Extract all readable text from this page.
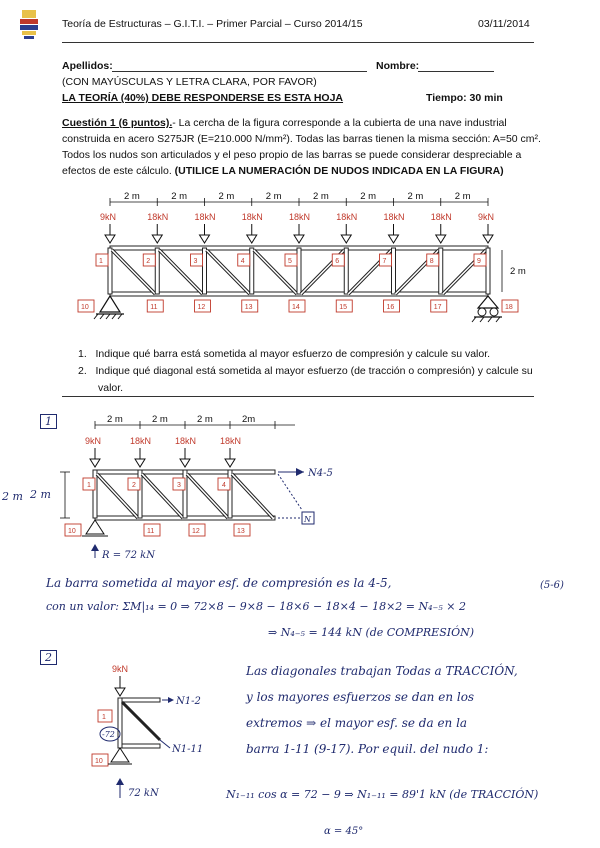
Teoría de Estructuras – G.I.T.I. – Primer Parcial – Curso 2014/15	03/11/2014
Apellidos:	Nombre:
(CON MAYÚSCULAS Y LETRA CLARA, POR FAVOR)
LA TEORÍA (40%) DEBE RESPONDERSE ES ESTA HOJA	Tiempo: 30 min
Cuestión 1 (6 puntos).- La cercha de la figura corresponde a la cubierta de una nave industrial
construida en acero S275JR (E=210.000 N/mm²). Todas las barras tienen la misma sección: A=50 cm².
Todos los nudos son articulados y el peso propio de las barras se puede considerar despreciable a
efectos de este cálculo. (UTILICE LA NUMERACIÓN DE NUDOS INDICADA EN LA FIGURA)
2 m	2 m	2 m	2 m	2 m	2 m	2 m	2 m
9kN	18kN	18kN	18kN	18kN	18kN	18kN	18kN	9kN
1
10
2
11
3
12
4
13
5
14
6
15
7
16
8
17
9
18
2 m
1.   Indique qué barra está sometida al mayor esfuerzo de compresión y calcule su valor.
2.   Indique qué diagonal está sometida al mayor esfuerzo (de tracción o compresión) y calcule su
valor.
1	2 m	2 m	2 m	2m
9kN	18kN	18kN	18kN
1
10
2
11
3
12
4
13
N4-5
N
R = 72 kN
2 m 2 m
(5-6)
La barra sometida al mayor esf. de compresión es la 4-5,
con un valor: ΣM|₁₄ = 0 ⇒ 72×8 − 9×8 − 18×6 − 18×4 − 18×2 = N₄₋₅ × 2
⇒ N₄₋₅ = 144 kN (de COMPRESIÓN)
2
9kN
N1-2
N1-11
1
-72
10
72 kN
Las diagonales trabajan Todas a TRACCIÓN,
y los mayores esfuerzos se dan en los
extremos ⇒ el mayor esf. se da en la
barra 1-11 (9-17). Por equil. del nudo 1:
N₁₋₁₁ cos α = 72 − 9 ⇒ N₁₋₁₁ = 89'1 kN (de TRACCIÓN)
α = 45°
